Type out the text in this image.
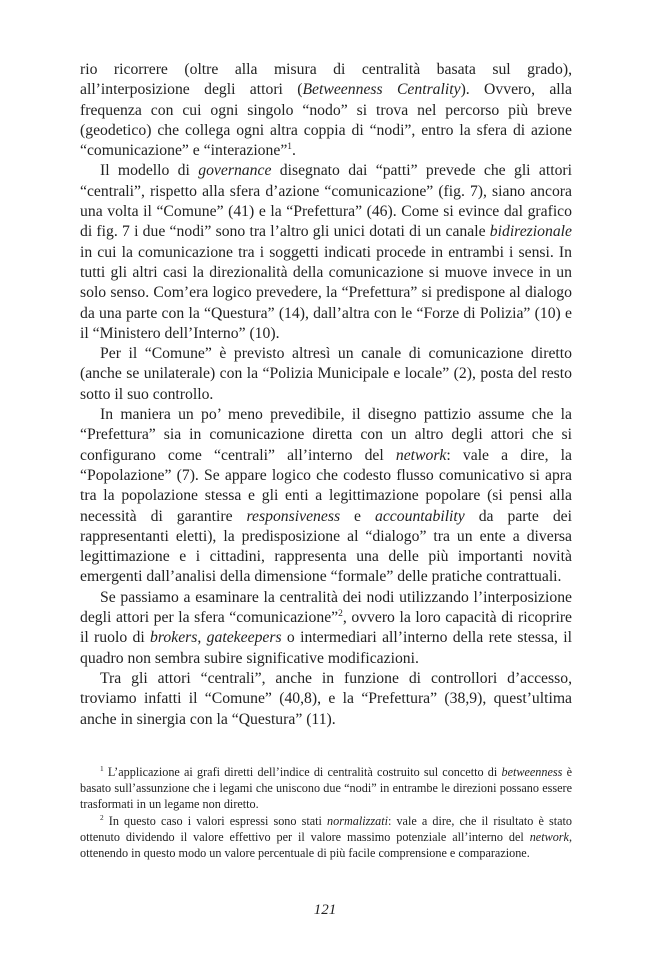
rio ricorrere (oltre alla misura di centralità basata sul grado), all’interposizione degli attori (Betweenness Centrality). Ovvero, alla frequenza con cui ogni singolo “nodo” si trova nel percorso più breve (geodetico) che collega ogni altra coppia di “nodi”, entro la sfera di azione “comunicazione” e “interazione”$^1$.

Il modello di governance disegnato dai “patti” prevede che gli attori “centrali”, rispetto alla sfera d’azione “comunicazione” (fig. 7), siano ancora una volta il “Comune” (41) e la “Prefettura” (46). Come si evince dal grafico di fig. 7 i due “nodi” sono tra l’altro gli unici dotati di un canale bidirezionale in cui la comunicazione tra i soggetti indicati procede in entrambi i sensi. In tutti gli altri casi la direzionalità della comunicazione si muove invece in un solo senso. Com’era logico prevedere, la “Prefettura” si predispone al dialogo da una parte con la “Questura” (14), dall’altra con le “Forze di Polizia” (10) e il “Ministero dell’Interno” (10).

Per il “Comune” è previsto altresì un canale di comunicazione diretto (anche se unilaterale) con la “Polizia Municipale e locale” (2), posta del resto sotto il suo controllo.

In maniera un po’ meno prevedibile, il disegno pattizio assume che la “Prefettura” sia in comunicazione diretta con un altro degli attori che si configurano come “centrali” all’interno del network: vale a dire, la “Popolazione” (7). Se appare logico che codesto flusso comunicativo si apra tra la popolazione stessa e gli enti a legittimazione popolare (si pensi alla necessità di garantire responsiveness e accountability da parte dei rappresentanti eletti), la predisposizione al “dialogo” tra un ente a diversa legittimazione e i cittadini, rappresenta una delle più importanti novità emergenti dall’analisi della dimensione “formale” delle pratiche contrattuali.

Se passiamo a esaminare la centralità dei nodi utilizzando l’interposizione degli attori per la sfera “comunicazione”$^2$, ovvero la loro capacità di ricoprire il ruolo di brokers, gatekeepers o intermediari all’interno della rete stessa, il quadro non sembra subire significative modificazioni.

Tra gli attori “centrali”, anche in funzione di controllori d’accesso, troviamo infatti il “Comune” (40,8), e la “Prefettura” (38,9), quest’ultima anche in sinergia con la “Questura” (11).

$^1$ L’applicazione ai grafi diretti dell’indice di centralità costruito sul concetto di betweenness è basato sull’assunzione che i legami che uniscono due “nodi” in entrambe le direzioni possano essere trasformati in un legame non diretto.

$^2$ In questo caso i valori espressi sono stati normalizzati: vale a dire, che il risultato è stato ottenuto dividendo il valore effettivo per il valore massimo potenziale all’interno del network, ottenendo in questo modo un valore percentuale di più facile comprensione e comparazione.

121
